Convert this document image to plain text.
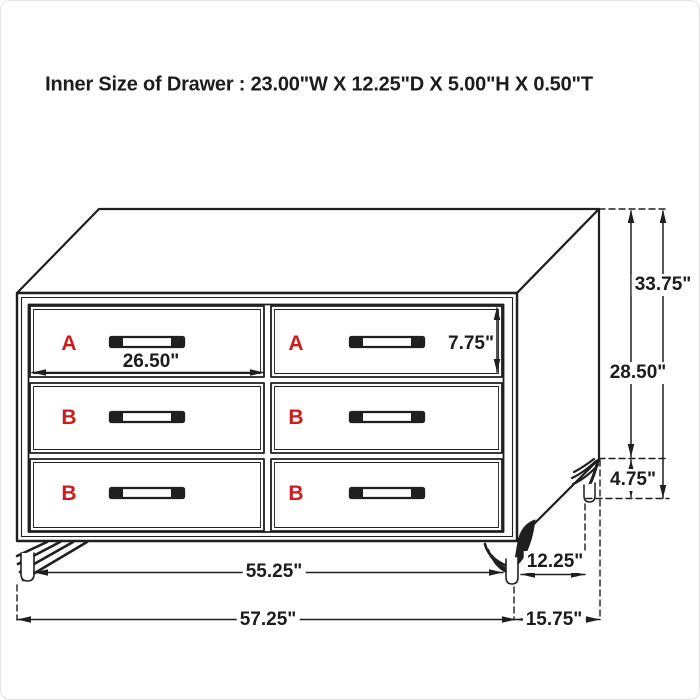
Inner Size of Drawer : 23.00"W X 12.25"D X 5.00"H X 0.50"T
A	A
B	B
B	B
26.50"
7.75"
33.75"
28.50"
4.75"
55.25"	12.25"
57.25"	15.75"
